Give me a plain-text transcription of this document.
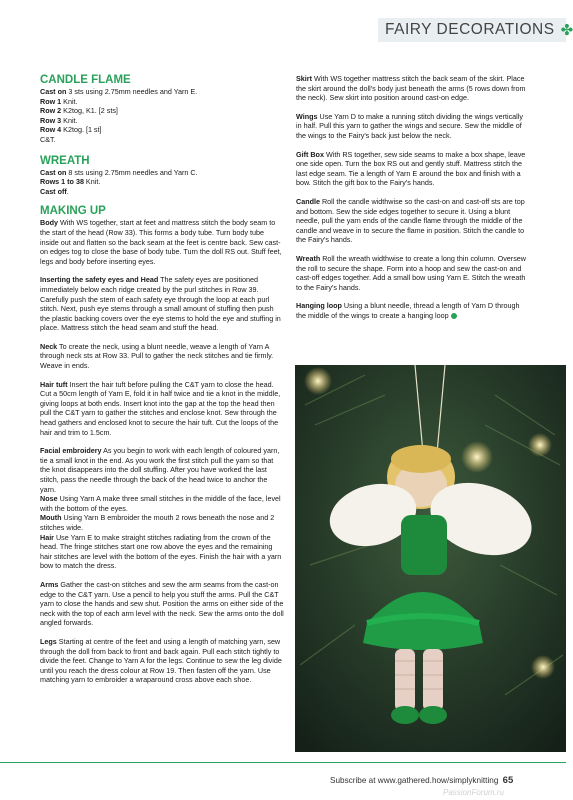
FAIRY DECORATIONS ✤
CANDLE FLAME

Cast on 3 sts using 2.75mm needles and Yarn E.

Row 1 Knit.

Row 2 K2tog, K1. [2 sts]

Row 3 Knit.

Row 4 K2tog. [1 st]

C&T.

WREATH

Cast on 8 sts using 2.75mm needles and Yarn C.

Rows 1 to 38 Knit.

Cast off.

MAKING UP

Body With WS together, start at feet and mattress stitch the body seam to the start of the head (Row 33). This forms a body tube. Turn body tube inside out and flatten so the back seam at the feet is centre back. Sew cast-on edges tog to close the base of body tube. Turn the doll RS out. Stuff feet, legs and body before inserting eyes.

Inserting the safety eyes and Head The safety eyes are positioned immediately below each ridge created by the purl stitches in Row 39. Carefully push the stem of each safety eye through the loop at each purl stitch. Next, push eye stems through a small amount of stuffing then push the plastic backing covers over the eye stems to hold the eye and stuffing in place. Mattress stitch the head seam and stuff the head.

Neck To create the neck, using a blunt needle, weave a length of Yarn A through neck sts at Row 33. Pull to gather the neck stitches and tie firmly. Weave in ends.

Hair tuft Insert the hair tuft before pulling the C&T yarn to close the head. Cut a 50cm length of Yarn E, fold it in half twice and tie a knot in the middle, giving loops at both ends. Insert knot into the gap at the top the head then pull the C&T yarn to gather the stitches and enclose knot. Sew through the head gathers and enclosed knot to secure the hair tuft. Cut the loops of the hair and trim to 1.5cm.

Facial embroidery As you begin to work with each length of coloured yarn, tie a small knot in the end. As you work the first stitch pull the yarn so that the knot disappears into the doll stuffing. After you have worked the last stitch, pass the needle through the back of the head twice to anchor the yarn.

Nose Using Yarn A make three small stitches in the middle of the face, level with the bottom of the eyes.

Mouth Using Yarn B embroider the mouth 2 rows beneath the nose and 2 stitches wide.

Hair Use Yarn E to make straight stitches radiating from the crown of the head. The fringe stitches start one row above the eyes and the remaining hair stitches are level with the bottom of the eyes. Finish the hair with a yarn bow to match the dress.

Arms Gather the cast-on stitches and sew the arm seams from the cast-on edge to the C&T yarn. Use a pencil to help you stuff the arms. Pull the C&T yarn to close the hands and sew shut. Position the arms on either side of the neck with the top of each arm level with the neck. Sew the arms onto the doll angled forwards.

Legs Starting at centre of the feet and using a length of matching yarn, sew through the doll from back to front and back again. Pull each stitch tightly to divide the feet. Change to Yarn A for the legs. Continue to sew the leg divide until you reach the dress colour at Row 19. Then fasten off the yarn. Use matching yarn to embroider a wraparound cross above each shoe.

Skirt With WS together mattress stitch the back seam of the skirt. Place the skirt around the doll's body just beneath the arms (5 rows down from the neck). Sew skirt into position around cast-on edge.

Wings Use Yarn D to make a running stitch dividing the wings vertically in half. Pull this yarn to gather the wings and secure. Sew the middle of the wings to the Fairy's back just below the neck.

Gift Box With RS together, sew side seams to make a box shape, leave one side open. Turn the box RS out and gently stuff. Mattress stitch the last edge seam. Tie a length of Yarn E around the box and finish with a bow. Stitch the gift box to the Fairy's hands.

Candle Roll the candle widthwise so the cast-on and cast-off sts are top and bottom. Sew the side edges together to secure it. Using a blunt needle, pull the yarn ends of the candle flame through the middle of the candle and weave in to secure the flame in position. Stitch the candle to the Fairy's hands.

Wreath Roll the wreath widthwise to create a long thin column. Oversew the roll to secure the shape. Form into a hoop and sew the cast-on and cast-off edges together. Add a small bow using Yarn E. Stitch the wreath to the Fairy's hands.

Hanging loop Using a blunt needle, thread a length of Yarn D through the middle of the wings to create a hanging loop

Subscribe at www.gathered.how/simplyknitting 65
PassionForum.ru
